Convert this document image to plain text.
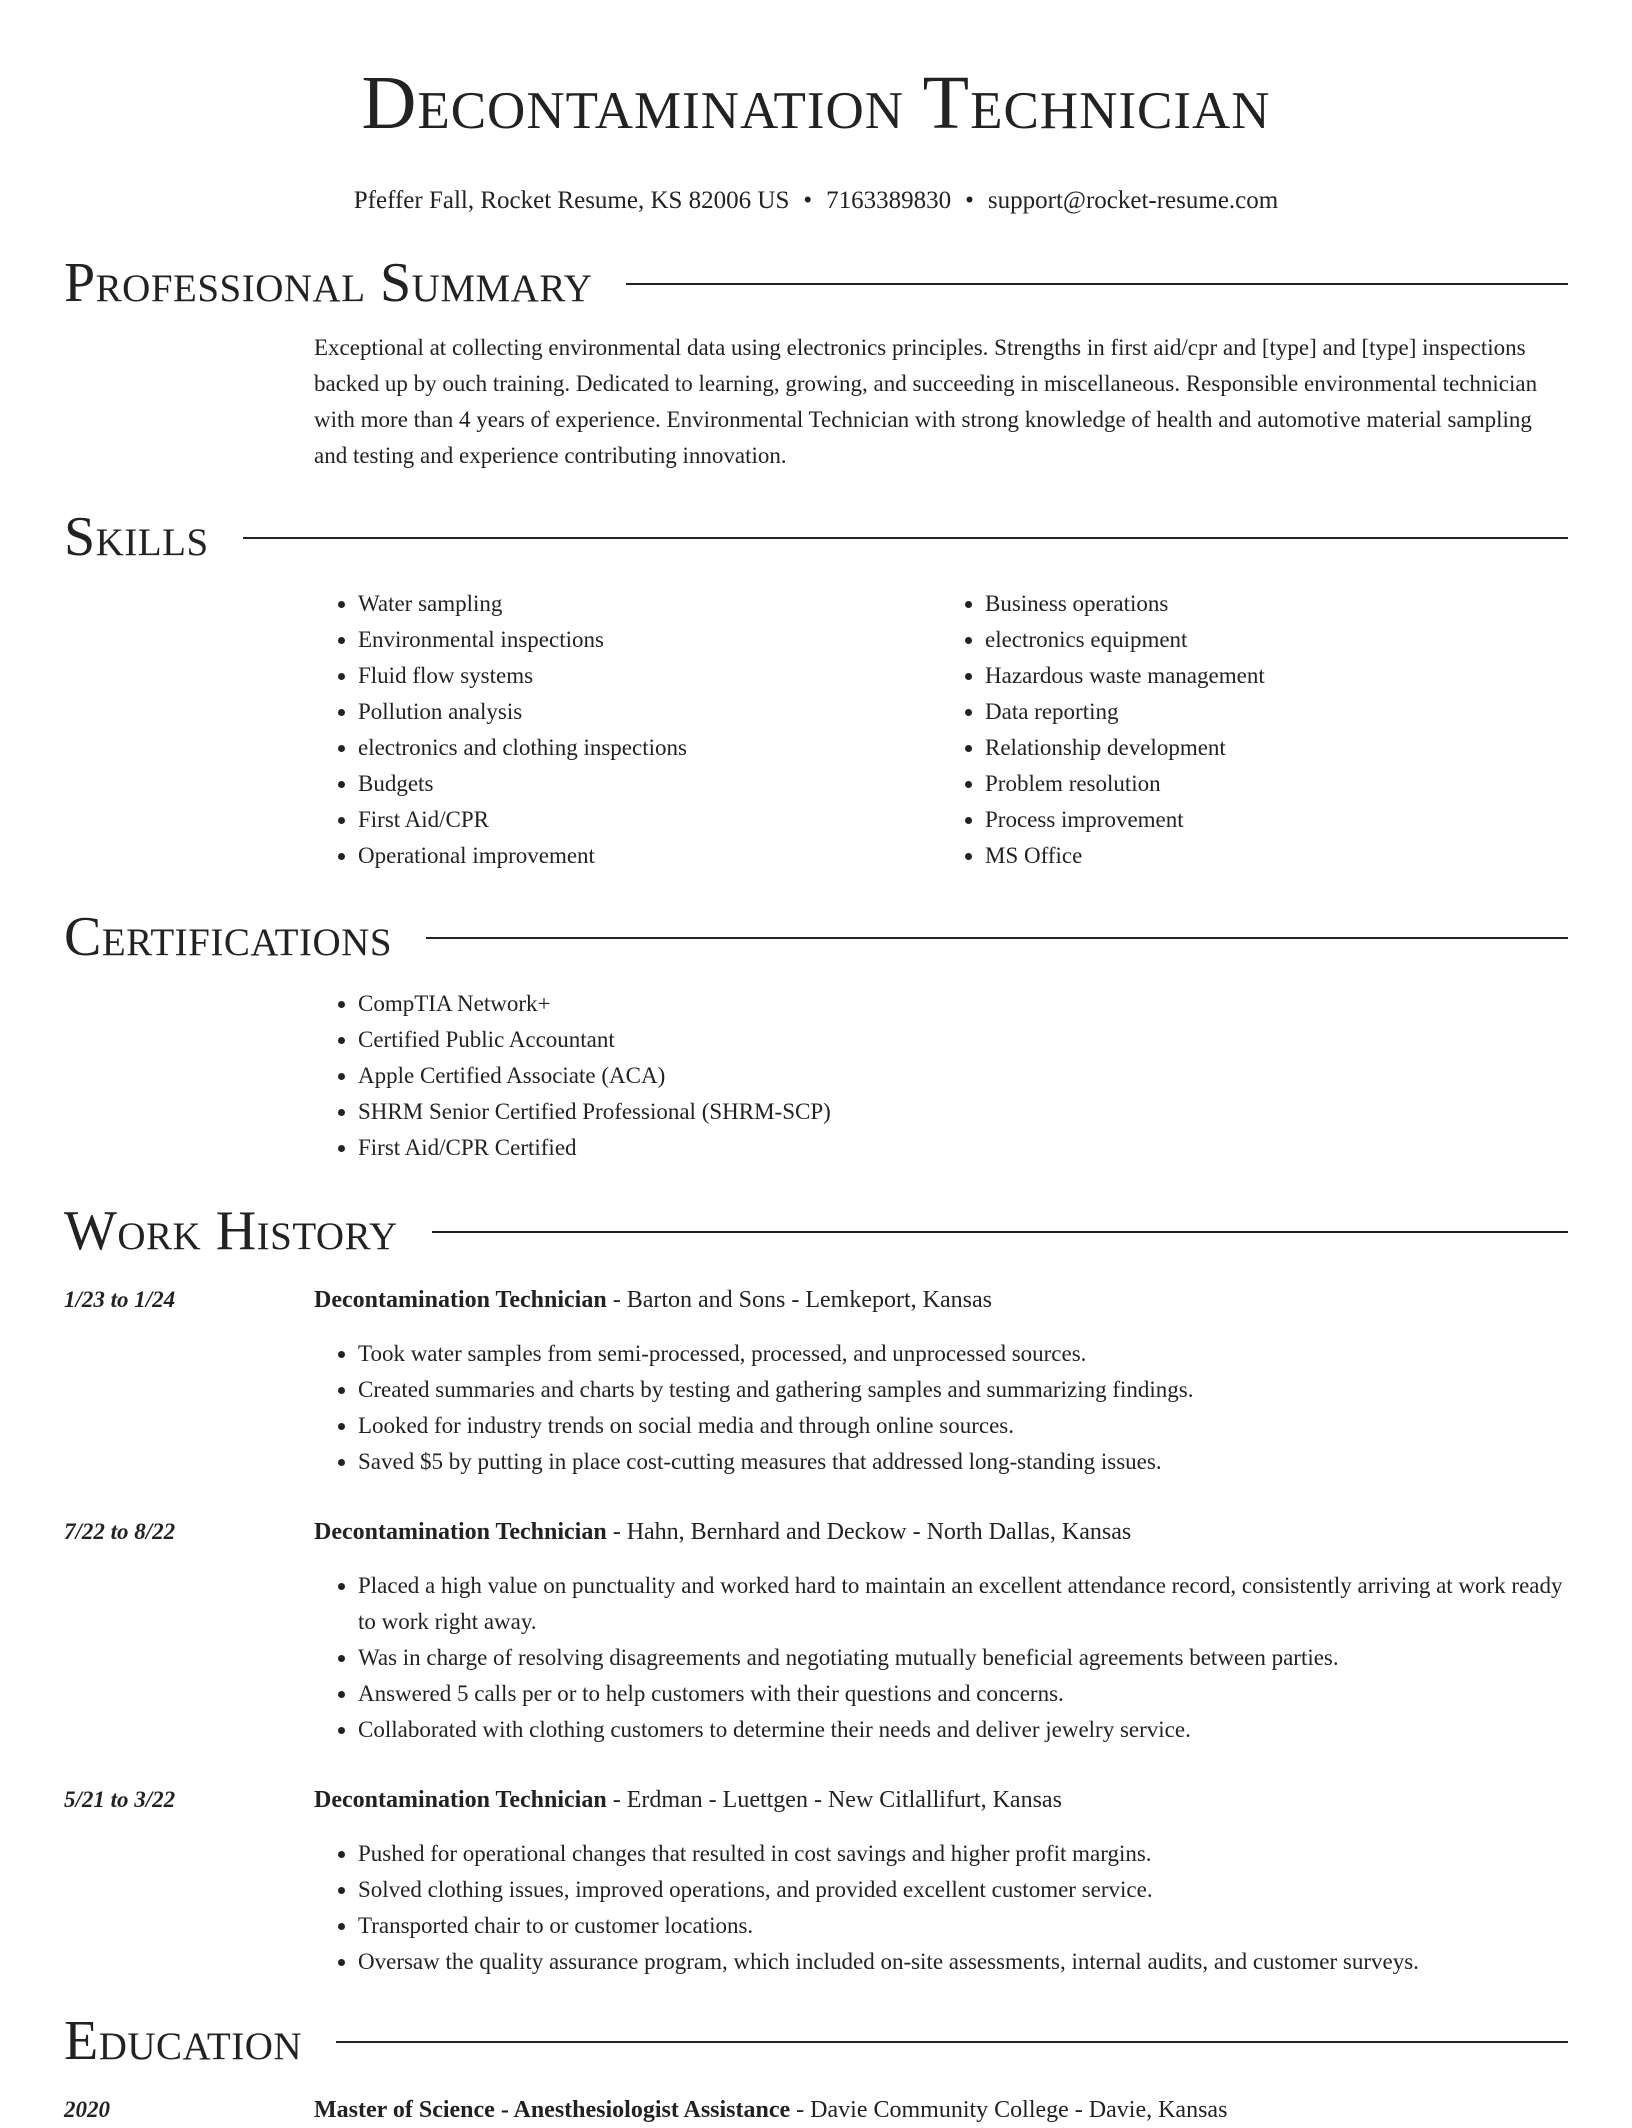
Decontamination Technician
Pfeffer Fall, Rocket Resume, KS 82006 US • 7163389830 • support@rocket-resume.com
Professional Summary

Exceptional at collecting environmental data using electronics principles. Strengths in first aid/cpr and [type] and [type] inspections backed up by ouch training. Dedicated to learning, growing, and succeeding in miscellaneous. Responsible environmental technician with more than 4 years of experience. Environmental Technician with strong knowledge of health and automotive material sampling and testing and experience contributing innovation.

Skills
• Water sampling
• Environmental inspections
• Fluid flow systems
• Pollution analysis
• electronics and clothing inspections
• Budgets
• First Aid/CPR
• Operational improvement
• Business operations
• electronics equipment
• Hazardous waste management
• Data reporting
• Relationship development
• Problem resolution
• Process improvement
• MS Office
Certifications
• CompTIA Network+
• Certified Public Accountant
• Apple Certified Associate (ACA)
• SHRM Senior Certified Professional (SHRM-SCP)
• First Aid/CPR Certified
Work History
1/23 to 1/24	Decontamination Technician - Barton and Sons - Lemkeport, Kansas
• Took water samples from semi-processed, processed, and unprocessed sources.
• Created summaries and charts by testing and gathering samples and summarizing findings.
• Looked for industry trends on social media and through online sources.
• Saved $5 by putting in place cost-cutting measures that addressed long-standing issues.
7/22 to 8/22	Decontamination Technician - Hahn, Bernhard and Deckow - North Dallas, Kansas
• Placed a high value on punctuality and worked hard to maintain an excellent attendance record, consistently arriving at work ready to work right away.
• Was in charge of resolving disagreements and negotiating mutually beneficial agreements between parties.
• Answered 5 calls per or to help customers with their questions and concerns.
• Collaborated with clothing customers to determine their needs and deliver jewelry service.
5/21 to 3/22	Decontamination Technician - Erdman - Luettgen - New Citlallifurt, Kansas
• Pushed for operational changes that resulted in cost savings and higher profit margins.
• Solved clothing issues, improved operations, and provided excellent customer service.
• Transported chair to or customer locations.
• Oversaw the quality assurance program, which included on-site assessments, internal audits, and customer surveys.
Education
2020	Master of Science - Anesthesiologist Assistance - Davie Community College - Davie, Kansas
